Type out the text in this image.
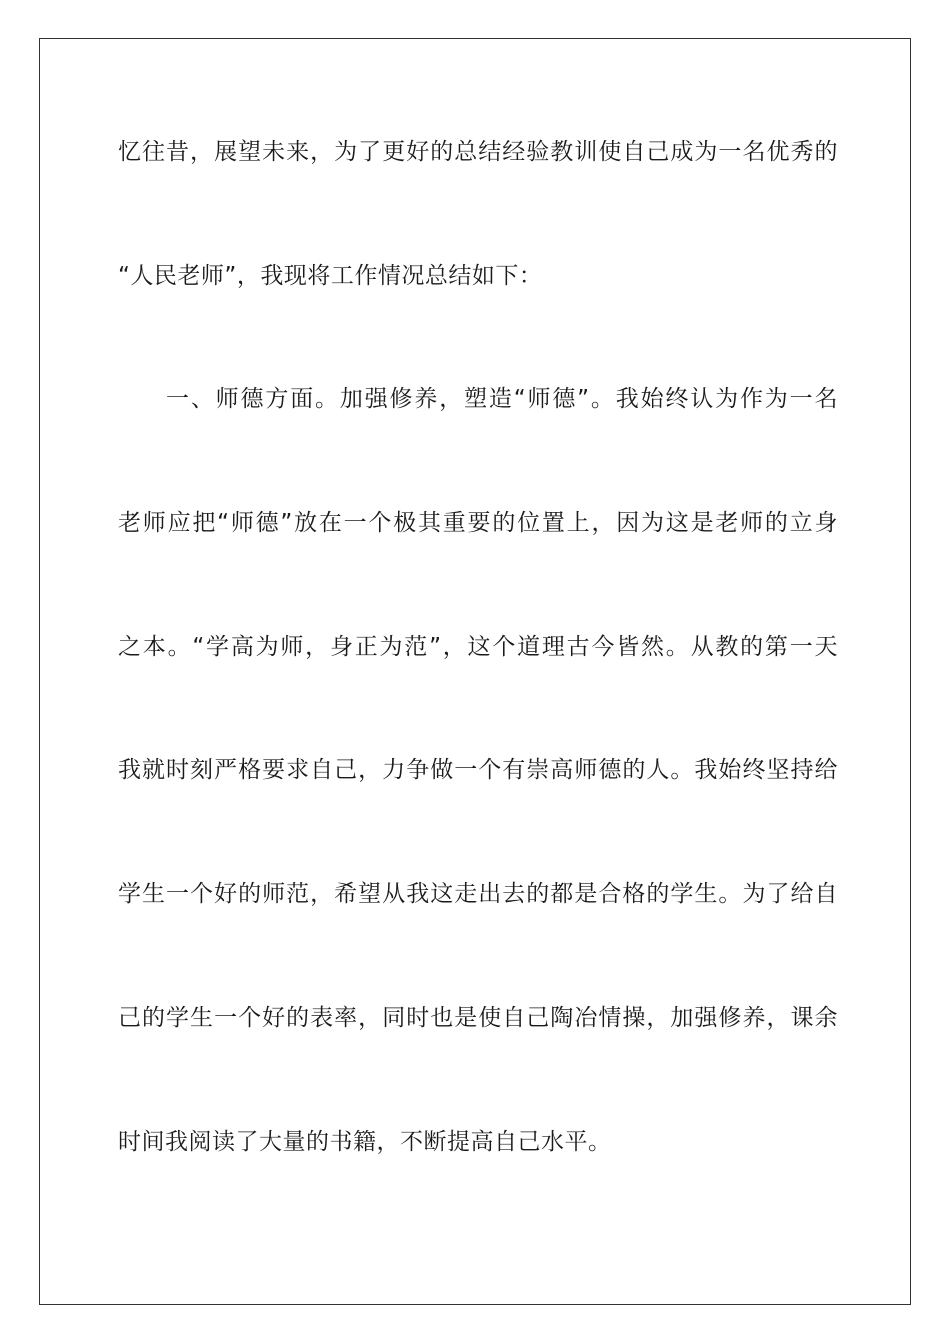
忆往昔，展望未来，为了更好的总结经验教训使自己成为一名优秀的
“人民老师”，我现将工作情况总结如下：
一、师德方面。加强修养，塑造“师德”。我始终认为作为一名
老师应把“师德”放在一个极其重要的位置上，因为这是老师的立身
之本。“学高为师，身正为范”，这个道理古今皆然。从教的第一天
我就时刻严格要求自己，力争做一个有崇高师德的人。我始终坚持给
学生一个好的师范，希望从我这走出去的都是合格的学生。为了给自
己的学生一个好的表率，同时也是使自己陶冶情操，加强修养，课余
时间我阅读了大量的书籍，不断提高自己水平。
